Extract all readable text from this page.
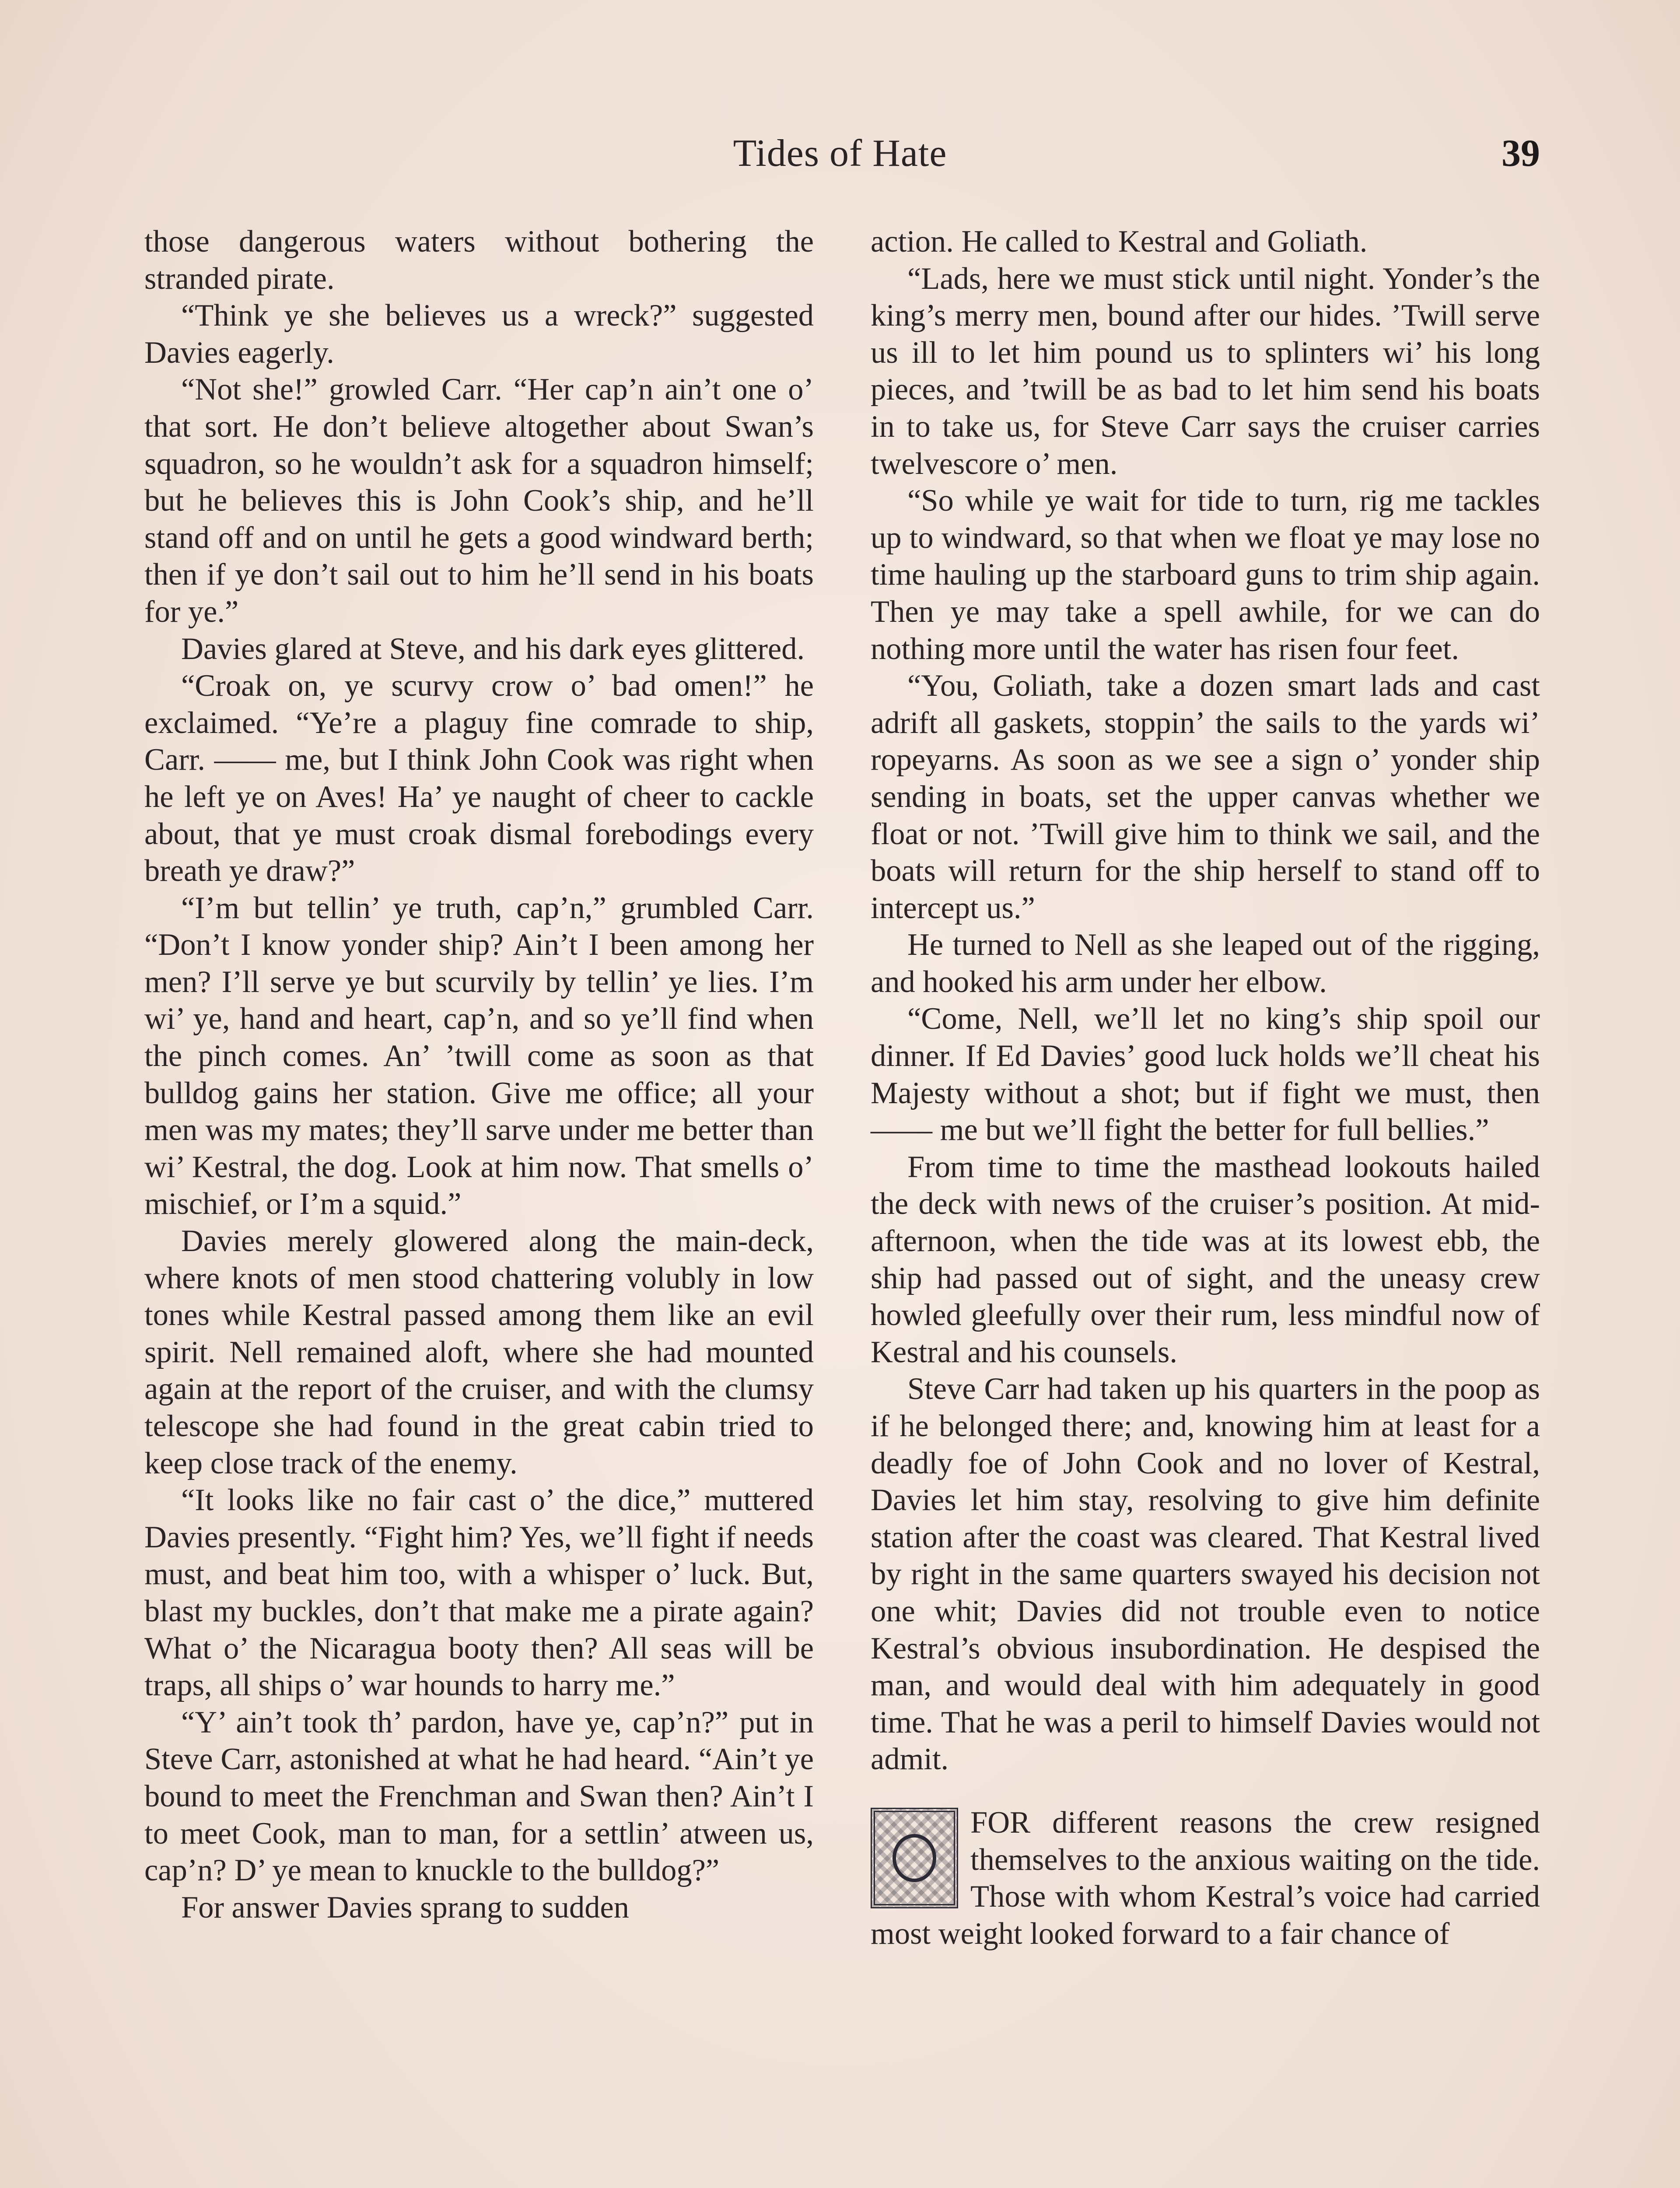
Tides of Hate	39

those dangerous waters without bothering the stranded pirate.

“Think ye she believes us a wreck?” suggested Davies eagerly.

“Not she!” growled Carr. “Her cap’n ain’t one o’ that sort. He don’t believe altogether about Swan’s squadron, so he wouldn’t ask for a squadron himself; but he believes this is John Cook’s ship, and he’ll stand off and on until he gets a good windward berth; then if ye don’t sail out to him he’ll send in his boats for ye.”

Davies glared at Steve, and his dark eyes glittered.

“Croak on, ye scurvy crow o’ bad omen!” he exclaimed. “Ye’re a plaguy fine comrade to ship, Carr. —— me, but I think John Cook was right when he left ye on Aves! Ha’ ye naught of cheer to cackle about, that ye must croak dismal forebodings every breath ye draw?”

“I’m but tellin’ ye truth, cap’n,” grumbled Carr. “Don’t I know yonder ship? Ain’t I been among her men? I’ll serve ye but scurvily by tellin’ ye lies. I’m wi’ ye, hand and heart, cap’n, and so ye’ll find when the pinch comes. An’ ’twill come as soon as that bulldog gains her station. Give me office; all your men was my mates; they’ll sarve under me better than wi’ Kestral, the dog. Look at him now. That smells o’ mischief, or I’m a squid.”

Davies merely glowered along the main-deck, where knots of men stood chattering volubly in low tones while Kestral passed among them like an evil spirit. Nell remained aloft, where she had mounted again at the report of the cruiser, and with the clumsy telescope she had found in the great cabin tried to keep close track of the enemy.

“It looks like no fair cast o’ the dice,” muttered Davies presently. “Fight him? Yes, we’ll fight if needs must, and beat him too, with a whisper o’ luck. But, blast my buckles, don’t that make me a pirate again? What o’ the Nicaragua booty then? All seas will be traps, all ships o’ war hounds to harry me.”

“Y’ ain’t took th’ pardon, have ye, cap’n?” put in Steve Carr, astonished at what he had heard. “Ain’t ye bound to meet the Frenchman and Swan then? Ain’t I to meet Cook, man to man, for a settlin’ atween us, cap’n? D’ ye mean to knuckle to the bulldog?”

For answer Davies sprang to sudden

action. He called to Kestral and Goliath.

“Lads, here we must stick until night. Yonder’s the king’s merry men, bound after our hides. ’Twill serve us ill to let him pound us to splinters wi’ his long pieces, and ’twill be as bad to let him send his boats in to take us, for Steve Carr says the cruiser carries twelvescore o’ men.

“So while ye wait for tide to turn, rig me tackles up to windward, so that when we float ye may lose no time hauling up the starboard guns to trim ship again. Then ye may take a spell awhile, for we can do nothing more until the water has risen four feet.

“You, Goliath, take a dozen smart lads and cast adrift all gaskets, stoppin’ the sails to the yards wi’ ropeyarns. As soon as we see a sign o’ yonder ship sending in boats, set the upper canvas whether we float or not. ’Twill give him to think we sail, and the boats will return for the ship herself to stand off to intercept us.”

He turned to Nell as she leaped out of the rigging, and hooked his arm under her elbow.

“Come, Nell, we’ll let no king’s ship spoil our dinner. If Ed Davies’ good luck holds we’ll cheat his Majesty without a shot; but if fight we must, then —— me but we’ll fight the better for full bellies.”

From time to time the masthead lookouts hailed the deck with news of the cruiser’s position. At mid-afternoon, when the tide was at its lowest ebb, the ship had passed out of sight, and the uneasy crew howled gleefully over their rum, less mindful now of Kestral and his counsels.

Steve Carr had taken up his quarters in the poop as if he belonged there; and, knowing him at least for a deadly foe of John Cook and no lover of Kestral, Davies let him stay, resolving to give him definite station after the coast was cleared. That Kestral lived by right in the same quarters swayed his decision not one whit; Davies did not trouble even to notice Kestral’s obvious insubordination. He despised the man, and would deal with him adequately in good time. That he was a peril to himself Davies would not admit.

FOR different reasons the crew resigned themselves to the anxious waiting on the tide. Those with whom Kestral’s voice had carried most weight looked forward to a fair chance of
